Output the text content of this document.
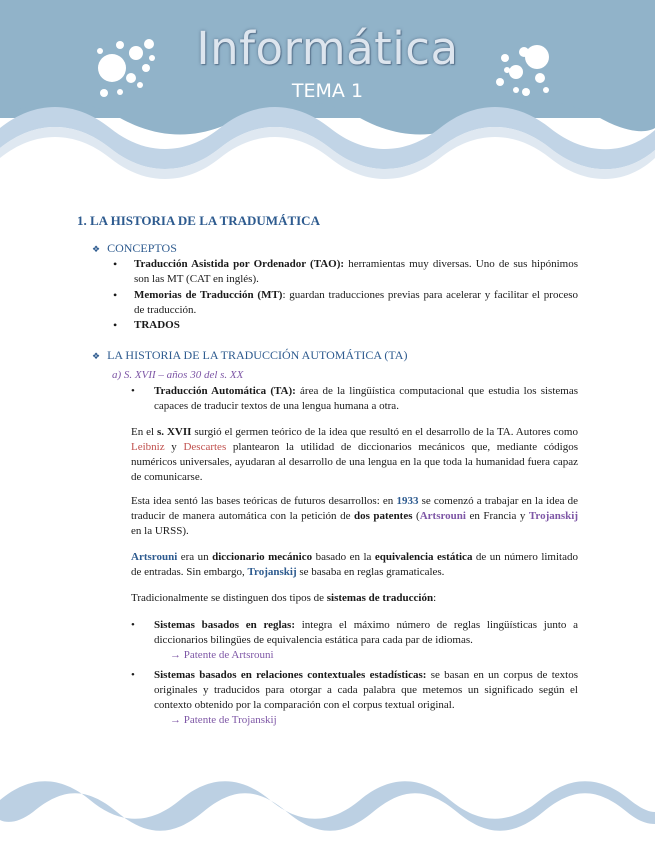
Informática
TEMA 1
1. LA HISTORIA DE LA TRADUMÁTICA
❖ CONCEPTOS
• Traducción Asistida por Ordenador (TAO): herramientas muy diversas. Uno de sus hipónimos son las MT (CAT en inglés).
• Memorias de Traducción (MT): guardan traducciones previas para acelerar y facilitar el proceso de traducción.
• TRADOS
❖ LA HISTORIA DE LA TRADUCCIÓN AUTOMÁTICA (TA)
a) S. XVII – años 30 del s. XX
• Traducción Automática (TA): área de la lingüística computacional que estudia los sistemas capaces de traducir textos de una lengua humana a otra.
En el s. XVII surgió el germen teórico de la idea que resultó en el desarrollo de la TA. Autores como Leibniz y Descartes plantearon la utilidad de diccionarios mecánicos que, mediante códigos numéricos universales, ayudaran al desarrollo de una lengua en la que toda la humanidad fuera capaz de comunicarse.
Esta idea sentó las bases teóricas de futuros desarrollos: en 1933 se comenzó a trabajar en la idea de traducir de manera automática con la petición de dos patentes (Artsrouni en Francia y Trojanskij en la URSS).
Artsrouni era un diccionario mecánico basado en la equivalencia estática de un número limitado de entradas. Sin embargo, Trojanskij se basaba en reglas gramaticales.
Tradicionalmente se distinguen dos tipos de sistemas de traducción:
• Sistemas basados en reglas: integra el máximo número de reglas lingüísticas junto a diccionarios bilingües de equivalencia estática para cada par de idiomas.
→ Patente de Artsrouni
• Sistemas basados en relaciones contextuales estadísticas: se basan en un corpus de textos originales y traducidos para otorgar a cada palabra que metemos un significado según el contexto obtenido por la comparación con el corpus textual original.
→ Patente de Trojanskij
